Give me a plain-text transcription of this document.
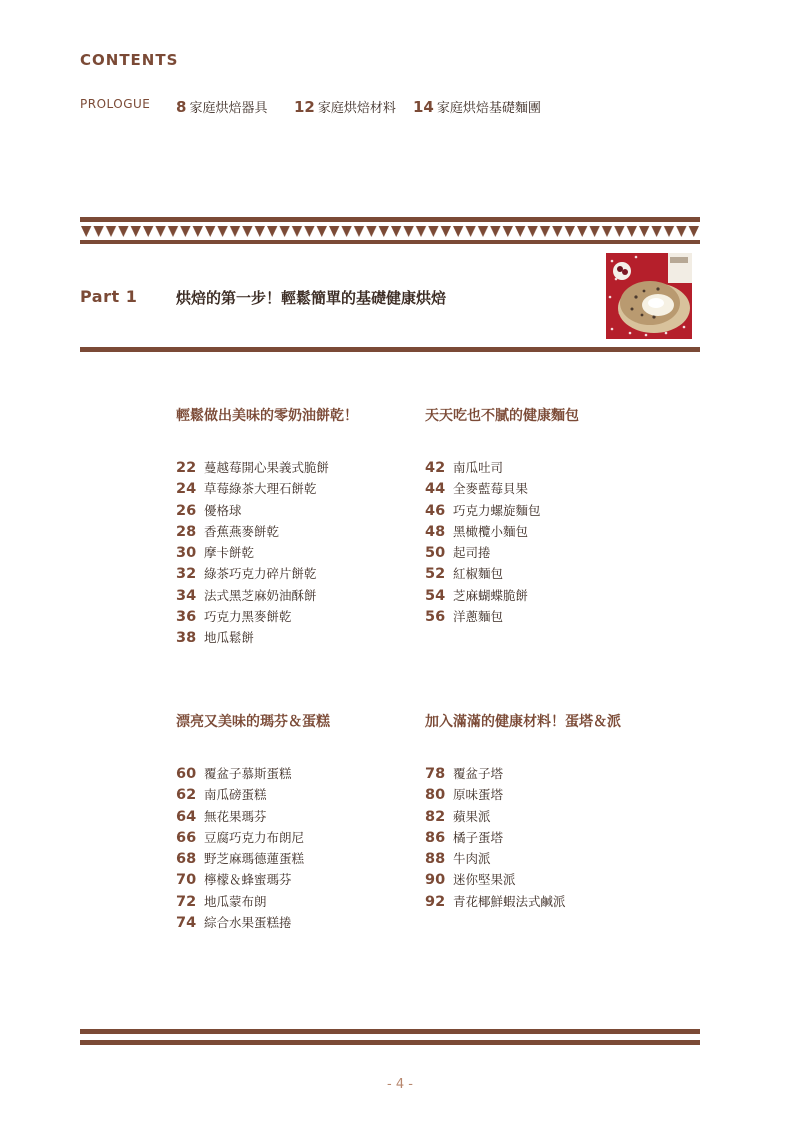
CONTENTS
PROLOGUE 8 家庭烘焙器具 12 家庭烘焙材料 14 家庭烘焙基礎麵團
Part 1	烘焙的第一步！輕鬆簡單的基礎健康烘焙
輕鬆做出美味的零奶油餅乾！
22 蔓越莓開心果義式脆餅
24 草莓綠茶大理石餅乾
26 優格球
28 香蕉燕麥餅乾
30 摩卡餅乾
32 綠茶巧克力碎片餅乾
34 法式黑芝麻奶油酥餅
36 巧克力黑麥餅乾
38 地瓜鬆餅
天天吃也不膩的健康麵包
42 南瓜吐司
44 全麥藍莓貝果
46 巧克力螺旋麵包
48 黑橄欖小麵包
50 起司捲
52 紅椒麵包
54 芝麻蝴蝶脆餅
56 洋蔥麵包
漂亮又美味的瑪芬＆蛋糕
60 覆盆子慕斯蛋糕
62 南瓜磅蛋糕
64 無花果瑪芬
66 豆腐巧克力布朗尼
68 野芝麻瑪德蓮蛋糕
70 檸檬＆蜂蜜瑪芬
72 地瓜蒙布朗
74 綜合水果蛋糕捲
加入滿滿的健康材料！蛋塔＆派
78 覆盆子塔
80 原味蛋塔
82 蘋果派
86 橘子蛋塔
88 牛肉派
90 迷你堅果派
92 青花椰鮮蝦法式鹹派
- 4 -
